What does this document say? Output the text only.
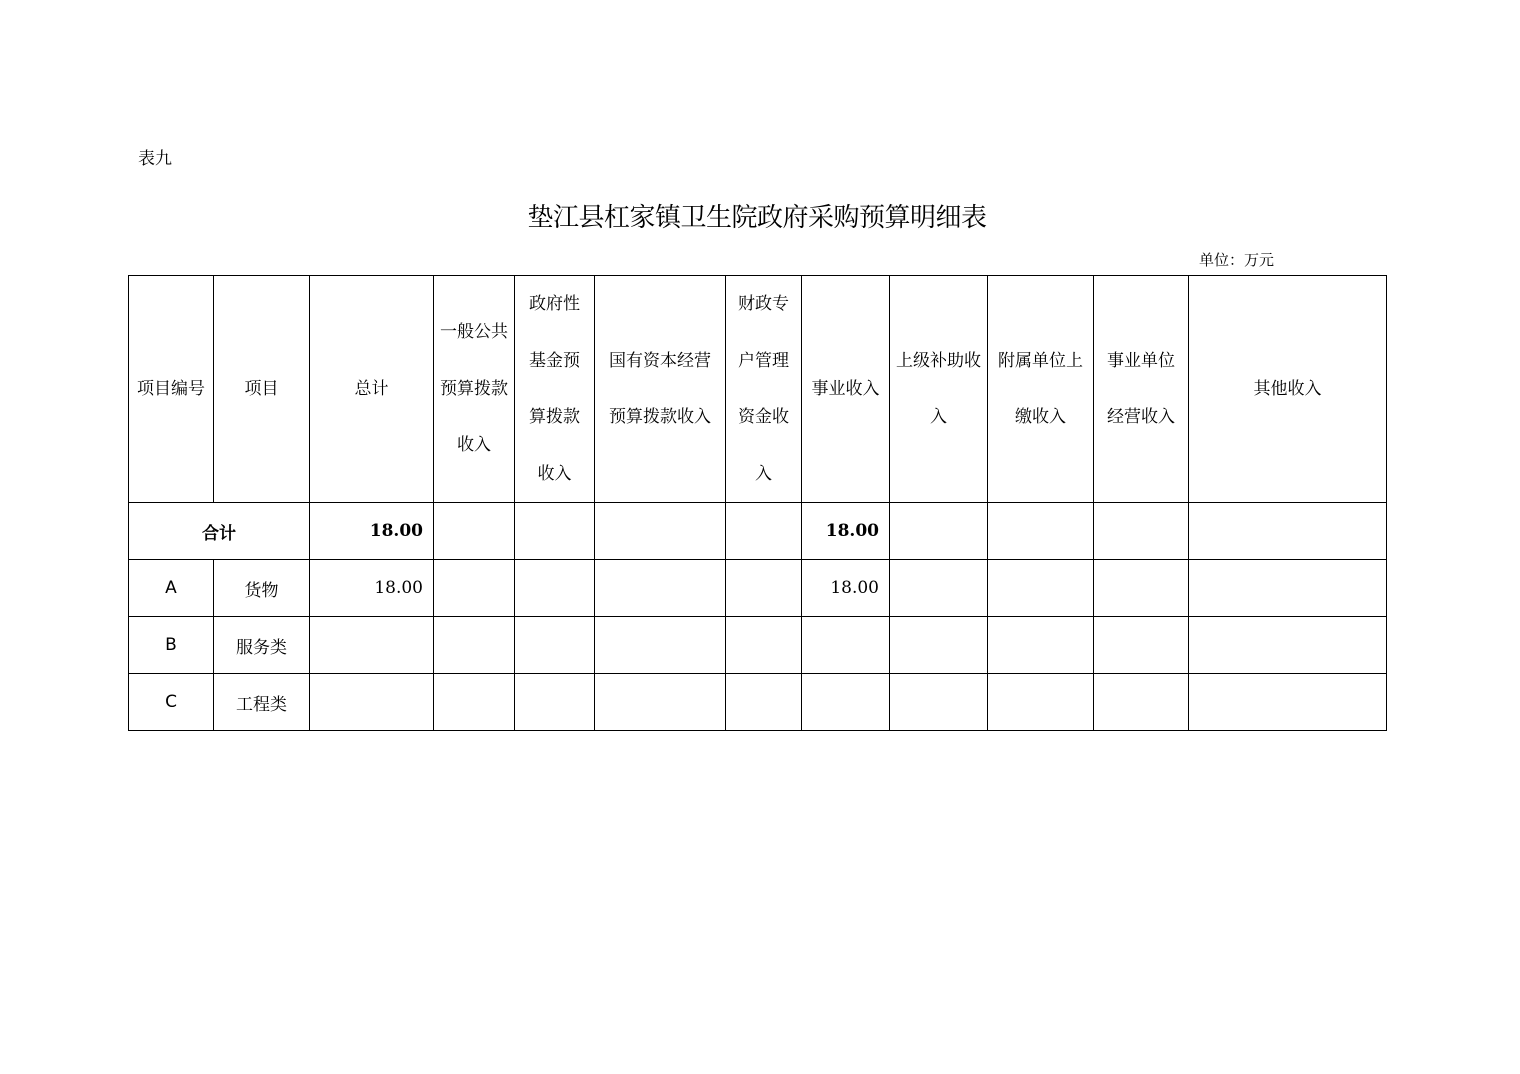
表九
垫江县杠家镇卫生院政府采购预算明细表
单位：万元
项目编号	项目	总计	一般公共预算拨款收入	政府性基金预算拨款收入	国有资本经营预算拨款收入	财政专户管理资金收入	事业收入	上级补助收入	附属单位上缴收入	事业单位经营收入	其他收入
合计		18.00					18.00				
A	货物	18.00					18.00				
B	服务类										
C	工程类										
